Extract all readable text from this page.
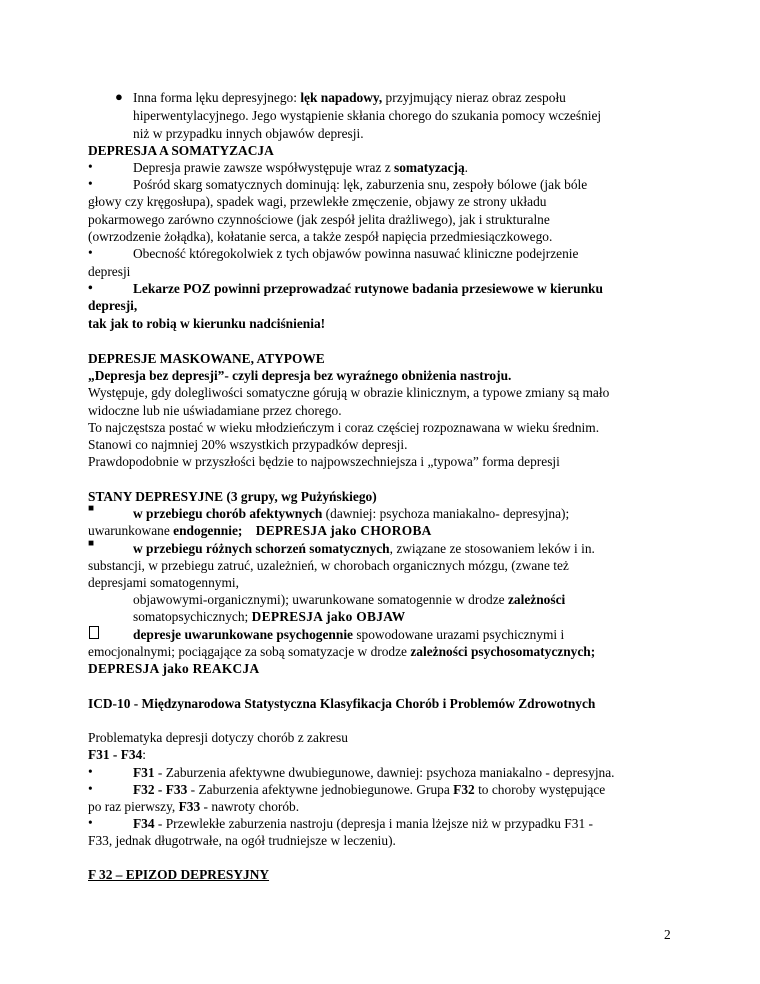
● Inna forma lęku depresyjnego: lęk napadowy, przyjmujący nieraz obraz zespołu
hiperwentylacyjnego. Jego wystąpienie skłania chorego do szukania pomocy wcześniej
niż w przypadku innych objawów depresji.
DEPRESJA A SOMATYZACJA
•	Depresja prawie zawsze współwystępuje wraz z somatyzacją.
•	Pośród skarg somatycznych dominują: lęk, zaburzenia snu, zespoły bólowe (jak bóle
głowy czy kręgosłupa), spadek wagi, przewlekłe zmęczenie, objawy ze strony układu
pokarmowego zarówno czynnościowe (jak zespół jelita drażliwego), jak i strukturalne
(owrzodzenie żołądka), kołatanie serca, a także zespół napięcia przedmiesiączkowego.
•	Obecność któregokolwiek z tych objawów powinna nasuwać kliniczne podejrzenie
depresji
•	Lekarze POZ powinni przeprowadzać rutynowe badania przesiewowe w kierunku
depresji,
tak jak to robią w kierunku nadciśnienia!
DEPRESJE MASKOWANE, ATYPOWE
„Depresja bez depresji”- czyli depresja bez wyraźnego obniżenia nastroju.
Występuje, gdy dolegliwości somatyczne górują w obrazie klinicznym, a typowe zmiany są mało
widoczne lub nie uświadamiane przez chorego.
To najczęstsza postać w wieku młodzieńczym i coraz częściej rozpoznawana w wieku średnim.
Stanowi co najmniej 20% wszystkich przypadków depresji.
Prawdopodobnie w przyszłości będzie to najpowszechniejsza i „typowa” forma depresji
STANY DEPRESYJNE (3 grupy, wg Pużyńskiego)
■	w przebiegu chorób afektywnych (dawniej: psychoza maniakalno- depresyjna);
uwarunkowane endogennie; DEPRESJA jako CHOROBA
■	w przebiegu różnych schorzeń somatycznych, związane ze stosowaniem leków i in.
substancji, w przebiegu zatruć, uzależnień, w chorobach organicznych mózgu, (zwane też
depresjami somatogennymi,
objawowymi-organicznymi); uwarunkowane somatogennie w drodze zależności
somatopsychicznych; DEPRESJA jako OBJAW
depresje uwarunkowane psychogennie spowodowane urazami psychicznymi i
emocjonalnymi; pociągające za sobą somatyzacje w drodze zależności psychosomatycznych;
DEPRESJA jako REAKCJA
ICD-10 - Międzynarodowa Statystyczna Klasyfikacja Chorób i Problemów Zdrowotnych
Problematyka depresji dotyczy chorób z zakresu
F31 - F34:
•	F31 - Zaburzenia afektywne dwubiegunowe, dawniej: psychoza maniakalno - depresyjna.
•	F32 - F33 - Zaburzenia afektywne jednobiegunowe. Grupa F32 to choroby występujące
po raz pierwszy, F33 - nawroty chorób.
•	F34 - Przewlekłe zaburzenia nastroju (depresja i mania lżejsze niż w przypadku F31 -
F33, jednak długotrwałe, na ogół trudniejsze w leczeniu).
F 32 – EPIZOD DEPRESYJNY
2
